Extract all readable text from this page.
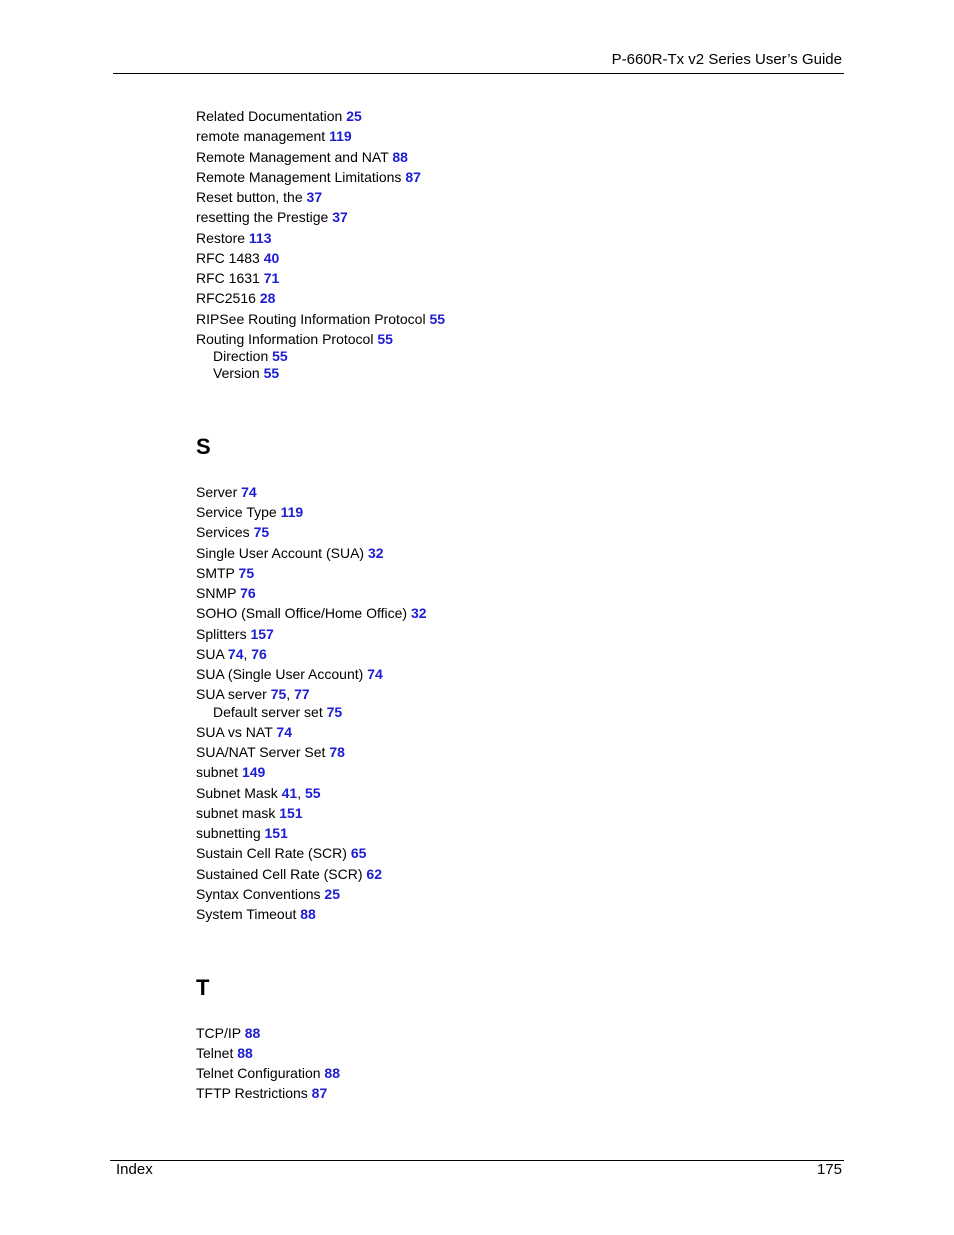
P-660R-Tx v2 Series User’s Guide
Related Documentation 25
remote management 119
Remote Management and NAT 88
Remote Management Limitations 87
Reset button, the 37
resetting the Prestige 37
Restore 113
RFC 1483 40
RFC 1631 71
RFC2516 28
RIPSee Routing Information Protocol 55
Routing Information Protocol 55
Direction 55
Version 55
S
Server 74
Service Type 119
Services 75
Single User Account (SUA) 32
SMTP 75
SNMP 76
SOHO (Small Office/Home Office) 32
Splitters 157
SUA 74, 76
SUA (Single User Account) 74
SUA server 75, 77
Default server set 75
SUA vs NAT 74
SUA/NAT Server Set 78
subnet 149
Subnet Mask 41, 55
subnet mask 151
subnetting 151
Sustain Cell Rate (SCR) 65
Sustained Cell Rate (SCR) 62
Syntax Conventions 25
System Timeout 88
T
TCP/IP 88
Telnet 88
Telnet Configuration 88
TFTP Restrictions 87
Index	175
